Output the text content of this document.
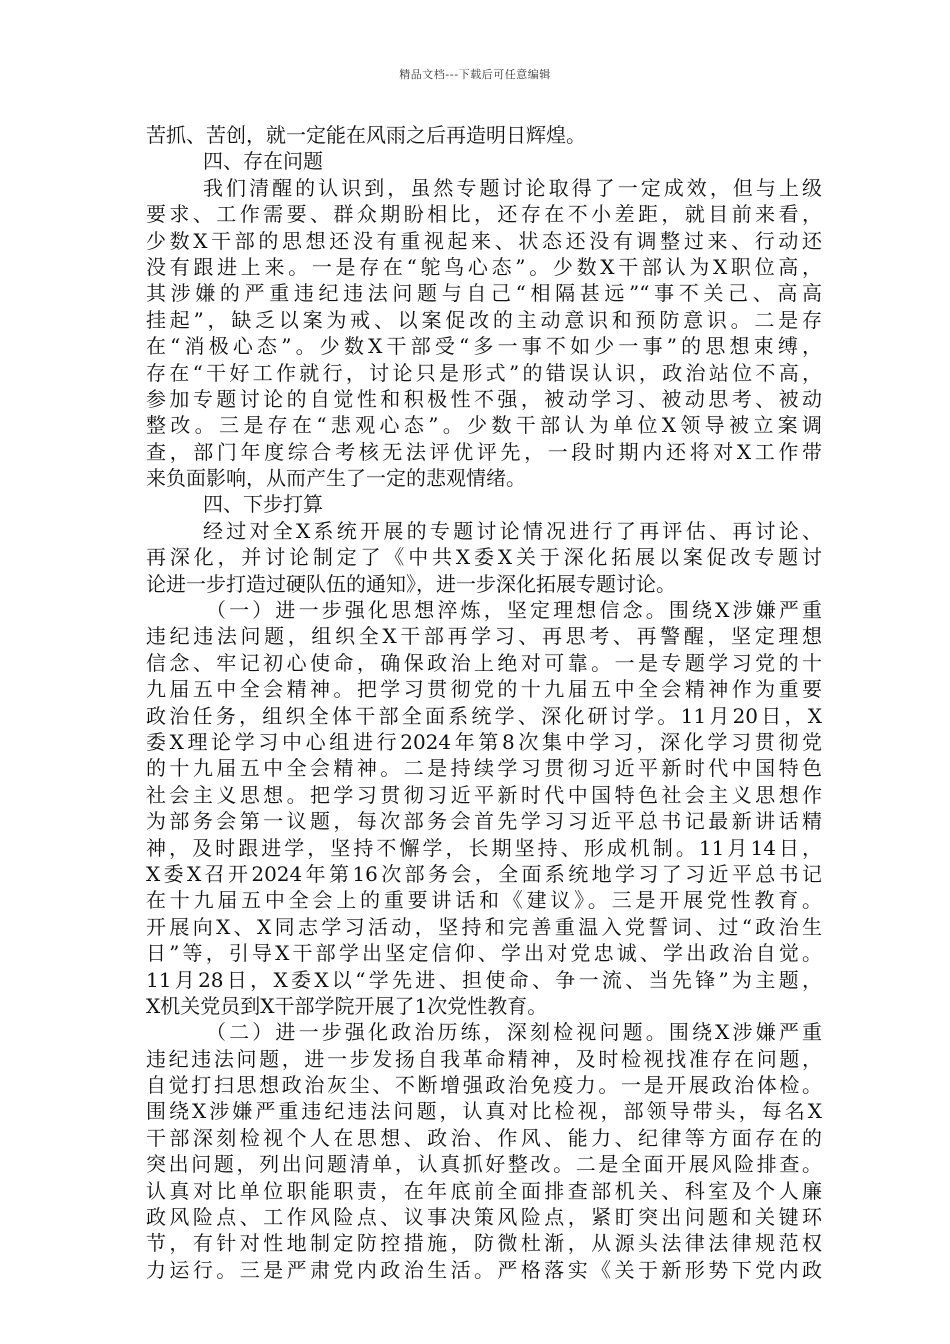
精品文档---下载后可任意编辑
苦抓、苦创，就一定能在风雨之后再造明日辉煌。
四、存在问题
我们清醒的认识到，虽然专题讨论取得了一定成效，但与上级
要求、工作需要、群众期盼相比，还存在不小差距，就目前来看，
少数X干部的思想还没有重视起来、状态还没有调整过来、行动还
没有跟进上来。一是存在“鸵鸟心态”。少数X干部认为X职位高，
其涉嫌的严重违纪违法问题与自己“相隔甚远”“事不关己、高高
挂起”，缺乏以案为戒、以案促改的主动意识和预防意识。二是存
在“消极心态”。少数X干部受“多一事不如少一事”的思想束缚，
存在“干好工作就行，讨论只是形式”的错误认识，政治站位不高，
参加专题讨论的自觉性和积极性不强，被动学习、被动思考、被动
整改。三是存在“悲观心态”。少数干部认为单位X领导被立案调
查，部门年度综合考核无法评优评先，一段时期内还将对X工作带
来负面影响，从而产生了一定的悲观情绪。
四、下步打算
经过对全X系统开展的专题讨论情况进行了再评估、再讨论、
再深化，并讨论制定了《中共X委X关于深化拓展以案促改专题讨
论进一步打造过硬队伍的通知》，进一步深化拓展专题讨论。
（一）进一步强化思想淬炼，坚定理想信念。围绕X涉嫌严重
违纪违法问题，组织全X干部再学习、再思考、再警醒，坚定理想
信念、牢记初心使命，确保政治上绝对可靠。一是专题学习党的十
九届五中全会精神。把学习贯彻党的十九届五中全会精神作为重要
政治任务，组织全体干部全面系统学、深化研讨学。11月20日，X
委X理论学习中心组进行2024年第8次集中学习，深化学习贯彻党
的十九届五中全会精神。二是持续学习贯彻习近平新时代中国特色
社会主义思想。把学习贯彻习近平新时代中国特色社会主义思想作
为部务会第一议题，每次部务会首先学习习近平总书记最新讲话精
神，及时跟进学，坚持不懈学，长期坚持、形成机制。11月14日，
X委X召开2024年第16次部务会，全面系统地学习了习近平总书记
在十九届五中全会上的重要讲话和《建议》。三是开展党性教育。
开展向X、X同志学习活动，坚持和完善重温入党誓词、过“政治生
日”等，引导X干部学出坚定信仰、学出对党忠诚、学出政治自觉。
11月28日，X委X以“学先进、担使命、争一流、当先锋”为主题，
X机关党员到X干部学院开展了1次党性教育。
（二）进一步强化政治历练，深刻检视问题。围绕X涉嫌严重
违纪违法问题，进一步发扬自我革命精神，及时检视找准存在问题，
自觉打扫思想政治灰尘、不断增强政治免疫力。一是开展政治体检。
围绕X涉嫌严重违纪违法问题，认真对比检视，部领导带头，每名X
干部深刻检视个人在思想、政治、作风、能力、纪律等方面存在的
突出问题，列出问题清单，认真抓好整改。二是全面开展风险排查。
认真对比单位职能职责，在年底前全面排查部机关、科室及个人廉
政风险点、工作风险点、议事决策风险点，紧盯突出问题和关键环
节，有针对性地制定防控措施，防微杜渐，从源头法律法律规范权
力运行。三是严肃党内政治生活。严格落实《关于新形势下党内政
